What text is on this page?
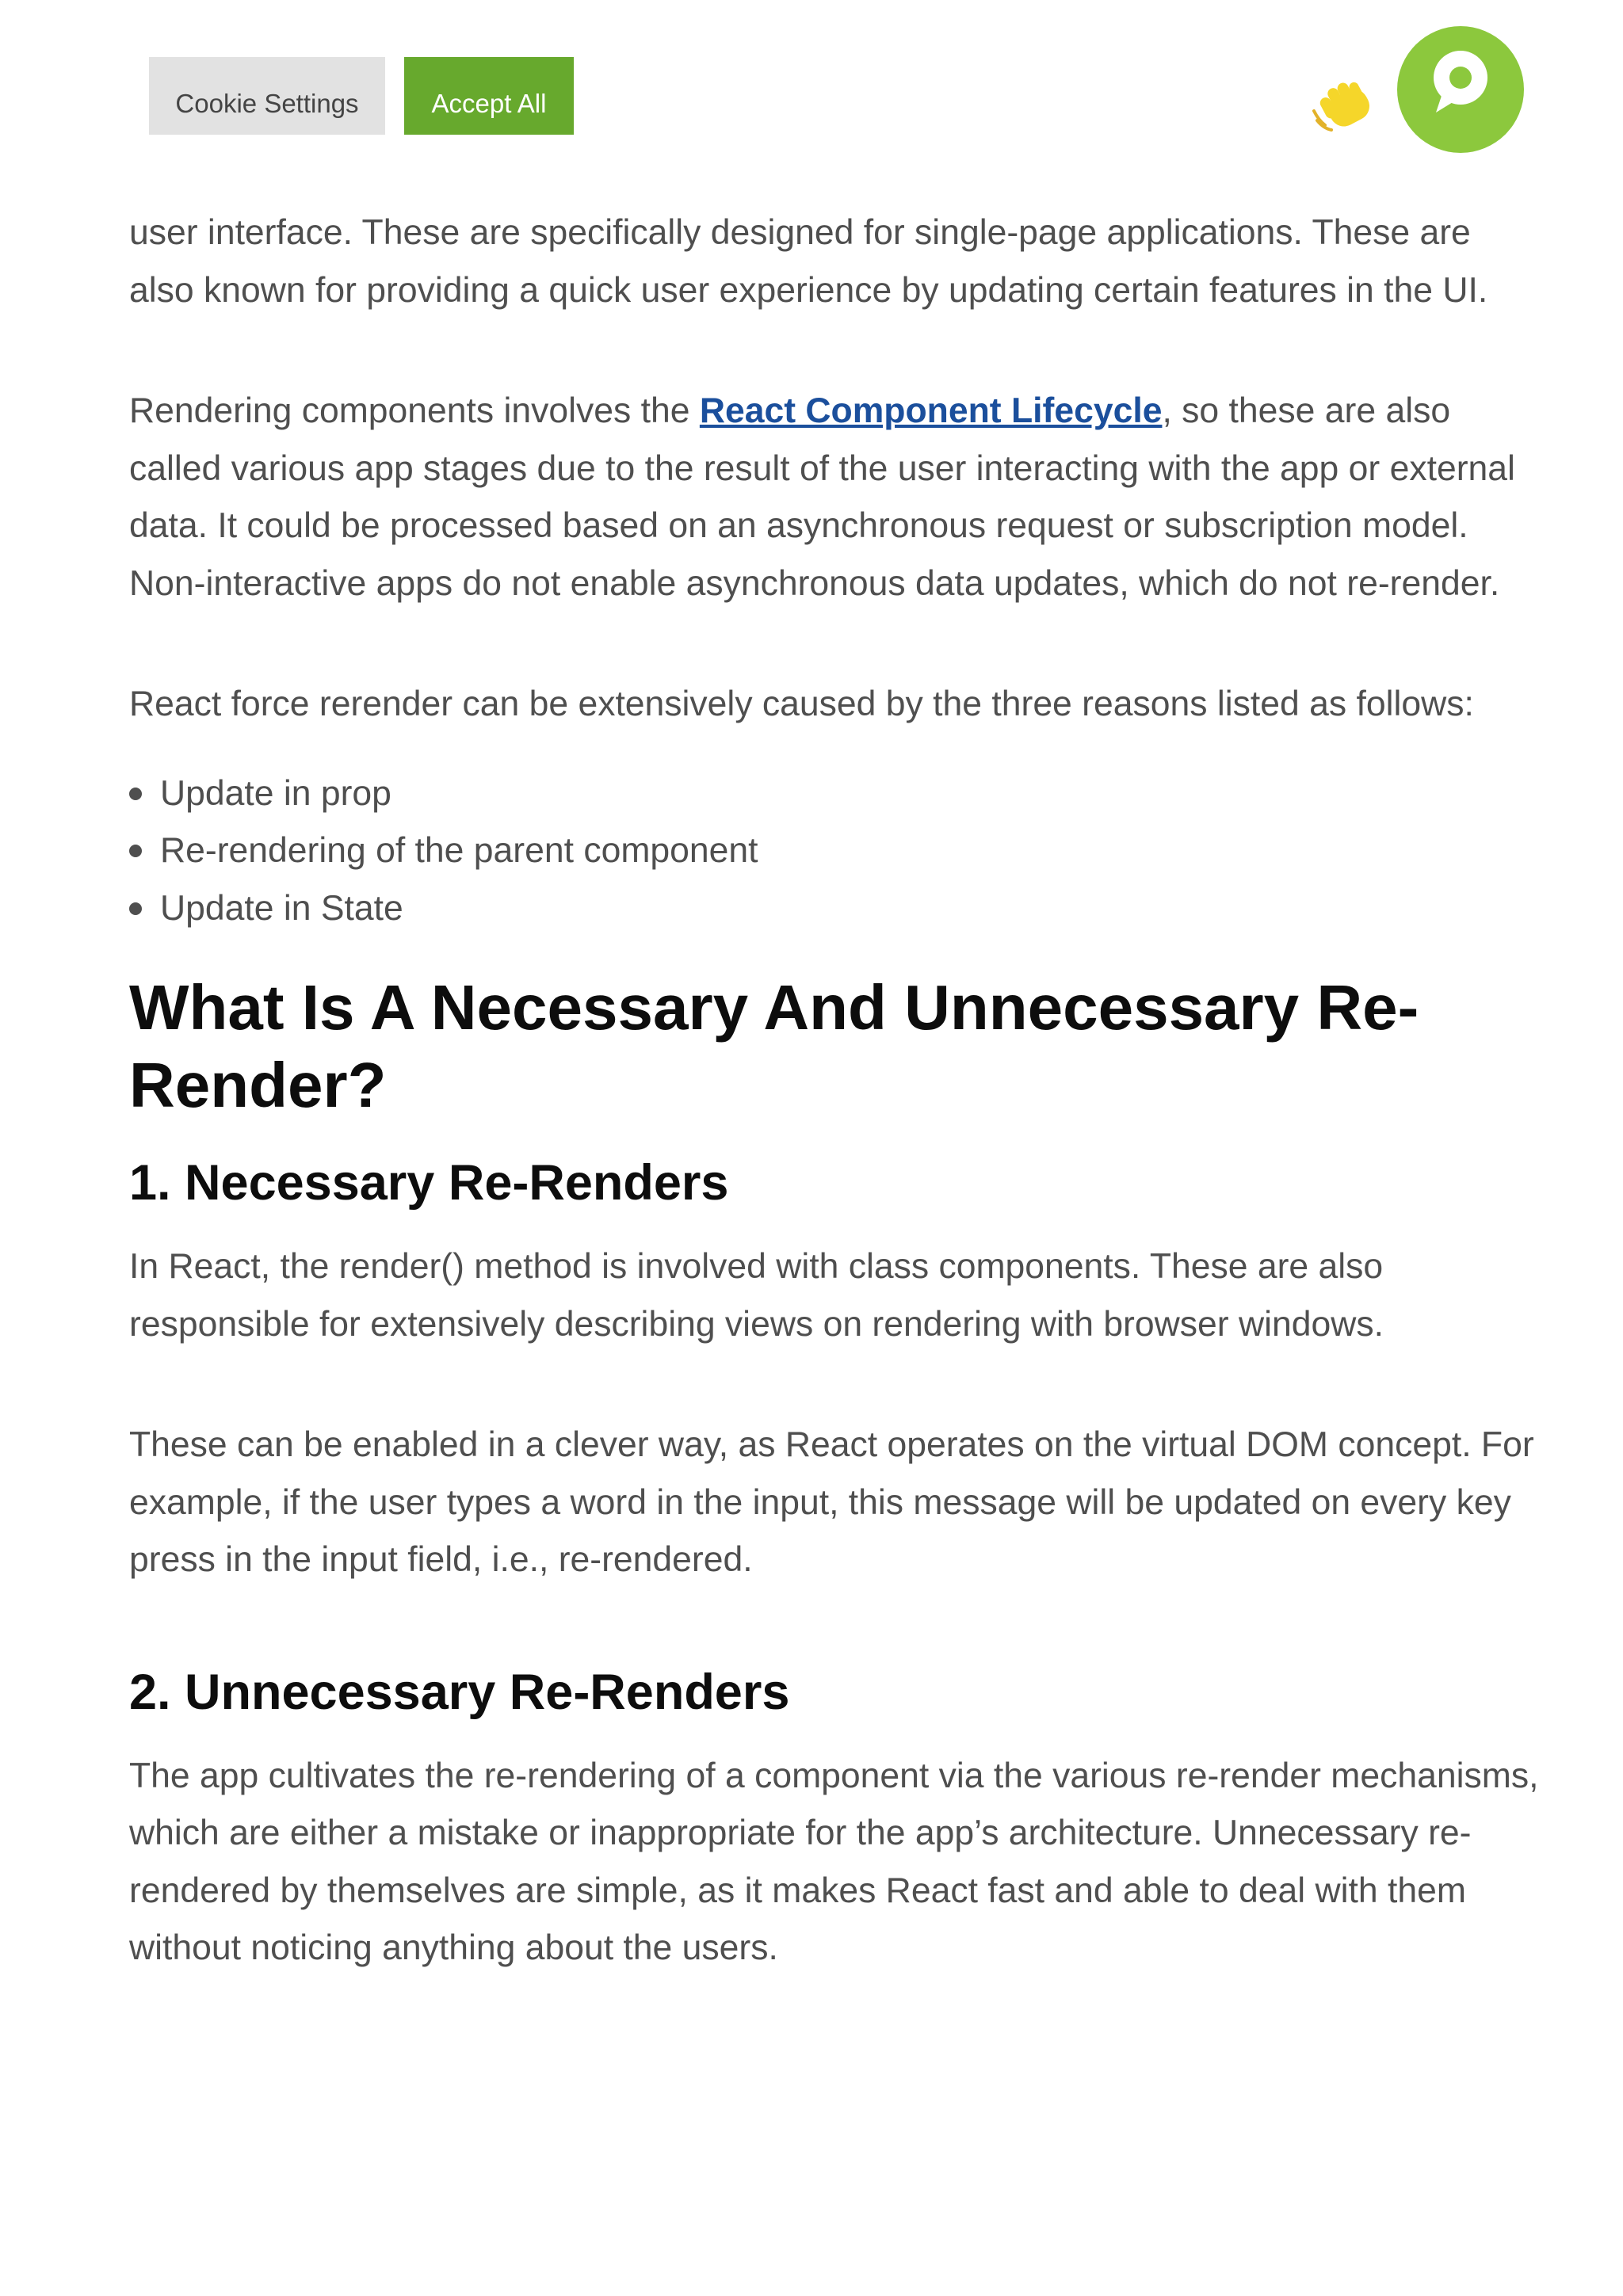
Cookie Settings	Accept All

user interface. These are specifically designed for single-page applications. These are also known for providing a quick user experience by updating certain features in the UI.

Rendering components involves the React Component Lifecycle, so these are also called various app stages due to the result of the user interacting with the app or external data. It could be processed based on an asynchronous request or subscription model. Non-interactive apps do not enable asynchronous data updates, which do not re-render.

React force rerender can be extensively caused by the three reasons listed as follows:

Update in prop
Re-rendering of the parent component
Update in State
What Is A Necessary And Unnecessary Re-Render?
1. Necessary Re-Renders

In React, the render() method is involved with class components. These are also responsible for extensively describing views on rendering with browser windows.

These can be enabled in a clever way, as React operates on the virtual DOM concept. For example, if the user types a word in the input, this message will be updated on every key press in the input field, i.e., re-rendered.

2. Unnecessary Re-Renders

The app cultivates the re-rendering of a component via the various re-render mechanisms, which are either a mistake or inappropriate for the app’s architecture. Unnecessary re-rendered by themselves are simple, as it makes React fast and able to deal with them without noticing anything about the users.
